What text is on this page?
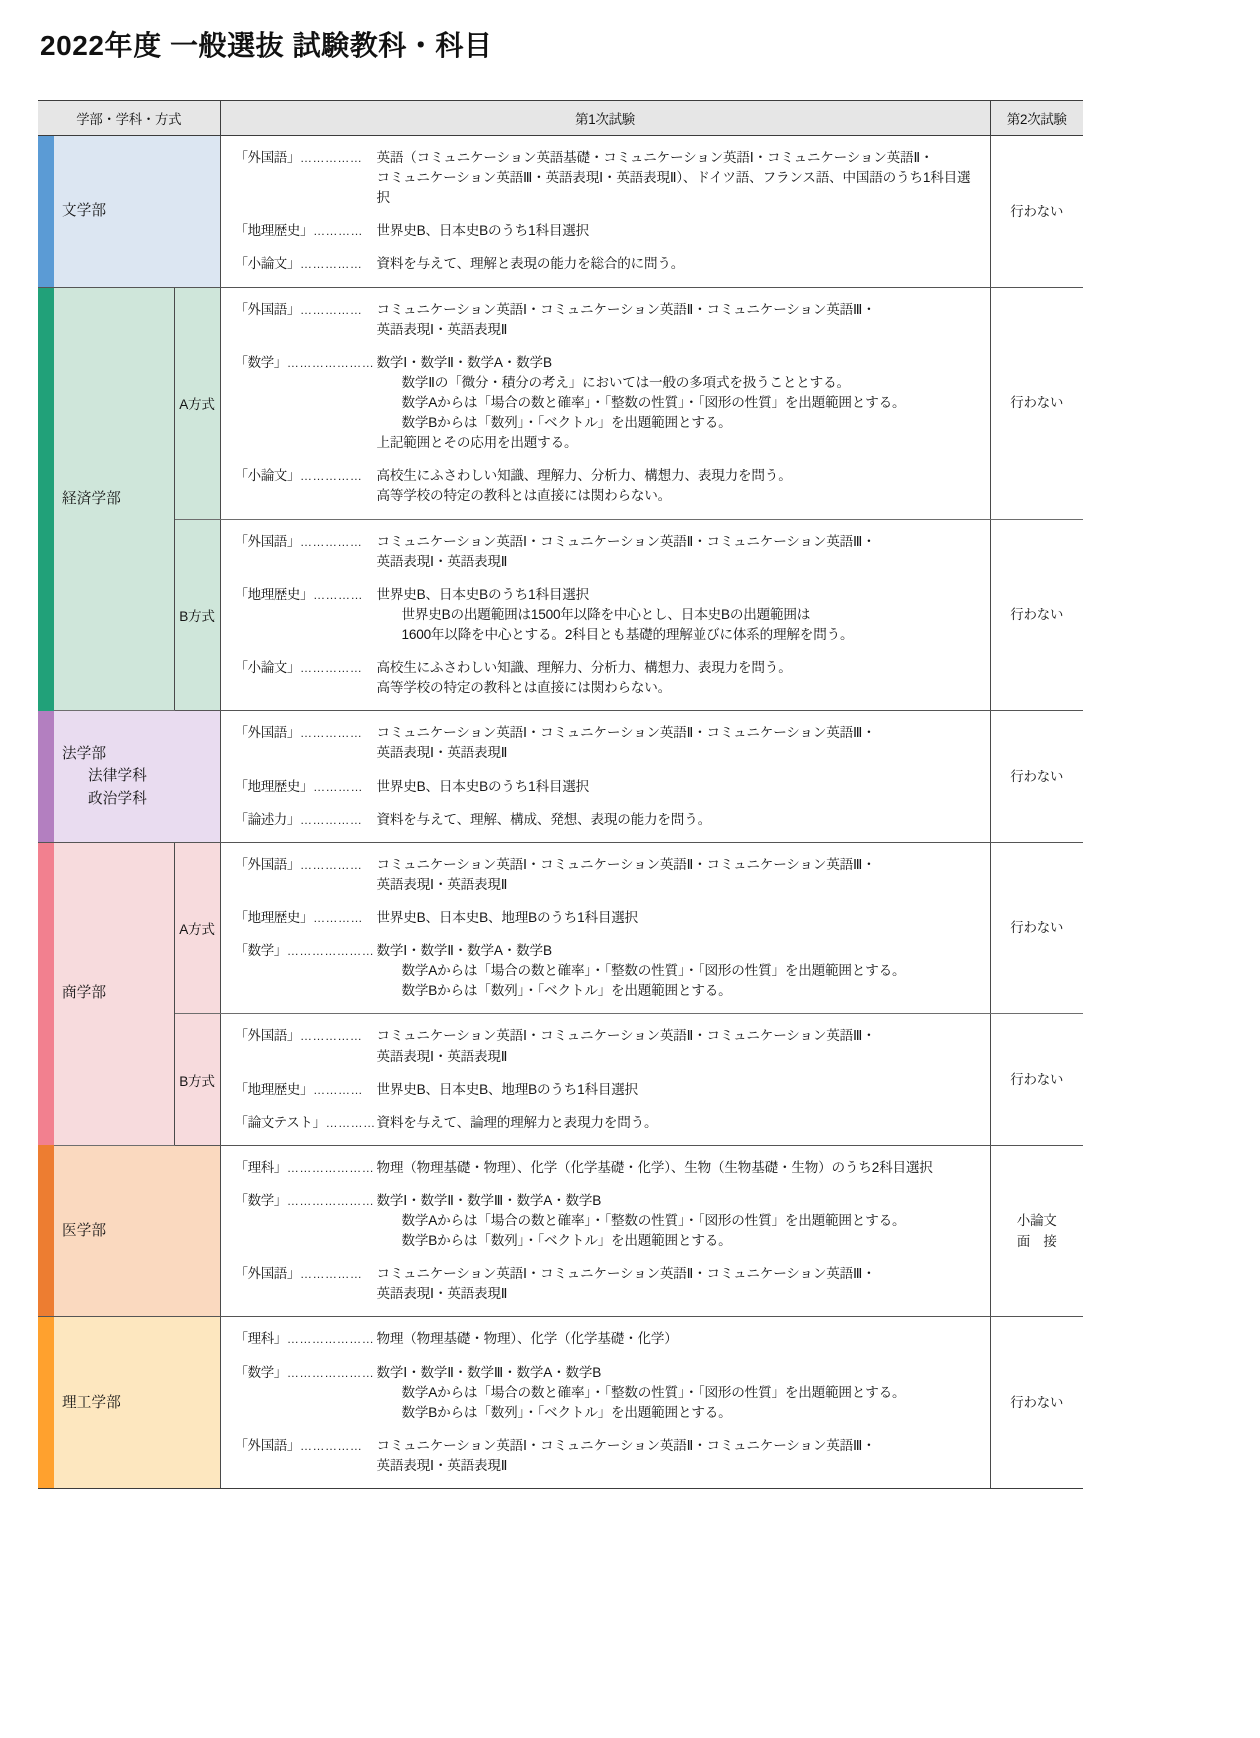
2022年度 一般選抜 試験教科・科目
学部・学科・方式			第1次試験	第2次試験
	文学部	
「外国語」……………	英語（コミュニケーション英語基礎・コミュニケーション英語Ⅰ・コミュニケーション英語Ⅱ・
コミュニケーション英語Ⅲ・英語表現Ⅰ・英語表現Ⅱ）、ドイツ語、フランス語、中国語のうち1科目選択
「地理歴史」………… 世界史B、日本史Bのうち1科目選択
「小論文」……………	資料を与えて、理解と表現の能力を総合的に問う。

行わない

	経済学部	A方式	
「外国語」……………	コミュニケーション英語Ⅰ・コミュニケーション英語Ⅱ・コミュニケーション英語Ⅲ・
英語表現Ⅰ・英語表現Ⅱ
「数学」………………… 数学Ⅰ・数学Ⅱ・数学A・数学B
数学Ⅱの「微分・積分の考え」においては一般の多項式を扱うこととする。
数学Aからは「場合の数と確率」・「整数の性質」・「図形の性質」を出題範囲とする。
数学Bからは「数列」・「ベクトル」を出題範囲とする。
上記範囲とその応用を出題する。
「小論文」……………	高校生にふさわしい知識、理解力、分析力、構想力、表現力を問う。
高等学校の特定の教科とは直接には関わらない。

行わない

B方式	
「外国語」……………	コミュニケーション英語Ⅰ・コミュニケーション英語Ⅱ・コミュニケーション英語Ⅲ・
英語表現Ⅰ・英語表現Ⅱ
「地理歴史」………… 世界史B、日本史Bのうち1科目選択
世界史Bの出題範囲は1500年以降を中心とし、日本史Bの出題範囲は
1600年以降を中心とする。2科目とも基礎的理解並びに体系的理解を問う。
「小論文」……………	高校生にふさわしい知識、理解力、分析力、構想力、表現力を問う。
高等学校の特定の教科とは直接には関わらない。

行わない

	法学部
法律学科
政治学科

「外国語」……………	コミュニケーション英語Ⅰ・コミュニケーション英語Ⅱ・コミュニケーション英語Ⅲ・
英語表現Ⅰ・英語表現Ⅱ
「地理歴史」………… 世界史B、日本史Bのうち1科目選択
「論述力」……………	資料を与えて、理解、構成、発想、表現の能力を問う。

行わない

	商学部	A方式	
「外国語」……………	コミュニケーション英語Ⅰ・コミュニケーション英語Ⅱ・コミュニケーション英語Ⅲ・
英語表現Ⅰ・英語表現Ⅱ
「地理歴史」………… 世界史B、日本史B、地理Bのうち1科目選択
「数学」………………… 数学Ⅰ・数学Ⅱ・数学A・数学B
数学Aからは「場合の数と確率」・「整数の性質」・「図形の性質」を出題範囲とする。
数学Bからは「数列」・「ベクトル」を出題範囲とする。

行わない

B方式	
「外国語」……………	コミュニケーション英語Ⅰ・コミュニケーション英語Ⅱ・コミュニケーション英語Ⅲ・
英語表現Ⅰ・英語表現Ⅱ
「地理歴史」………… 世界史B、日本史B、地理Bのうち1科目選択
「論文テスト」………… 資料を与えて、論理的理解力と表現力を問う。

行わない

	医学部	
「理科」………………… 物理（物理基礎・物理）、化学（化学基礎・化学）、生物（生物基礎・生物）のうち2科目選択
「数学」………………… 数学Ⅰ・数学Ⅱ・数学Ⅲ・数学A・数学B
数学Aからは「場合の数と確率」・「整数の性質」・「図形の性質」を出題範囲とする。
数学Bからは「数列」・「ベクトル」を出題範囲とする。
「外国語」……………	コミュニケーション英語Ⅰ・コミュニケーション英語Ⅱ・コミュニケーション英語Ⅲ・
英語表現Ⅰ・英語表現Ⅱ

小論文
面　接

	理工学部	
「理科」………………… 物理（物理基礎・物理）、化学（化学基礎・化学）
「数学」………………… 数学Ⅰ・数学Ⅱ・数学Ⅲ・数学A・数学B
数学Aからは「場合の数と確率」・「整数の性質」・「図形の性質」を出題範囲とする。
数学Bからは「数列」・「ベクトル」を出題範囲とする。
「外国語」……………	コミュニケーション英語Ⅰ・コミュニケーション英語Ⅱ・コミュニケーション英語Ⅲ・
英語表現Ⅰ・英語表現Ⅱ

行わない
